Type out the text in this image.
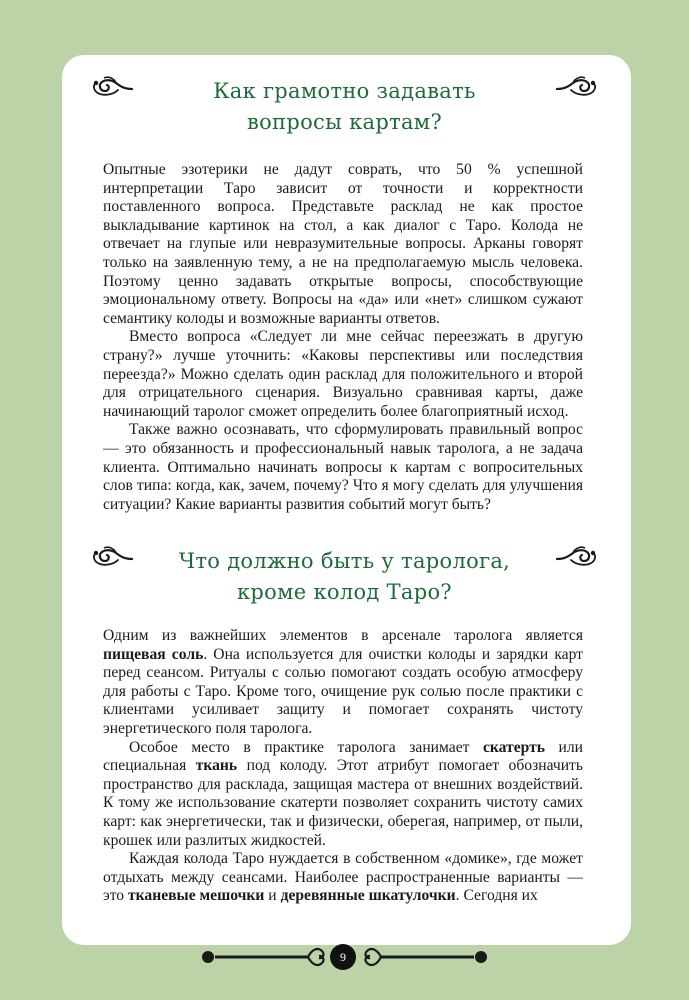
Как грамотно задавать
вопросы картам?

Опытные эзотерики не дадут соврать, что 50 % успешной интерпретации Таро зависит от точности и корректности поставленного вопроса. Представьте расклад не как простое выкладывание картинок на стол, а как диалог с Таро. Колода не отвечает на глупые или невразумительные вопросы. Арканы говорят только на заявленную тему, а не на предполагаемую мысль человека. Поэтому ценно задавать открытые вопросы, способствующие эмоциональному ответу. Вопросы на «да» или «нет» слишком сужают семантику колоды и возможные варианты ответов.

Вместо вопроса «Следует ли мне сейчас переезжать в другую страну?» лучше уточнить: «Каковы перспективы или последствия переезда?» Можно сделать один расклад для положительного и второй для отрицательного сценария. Визуально сравнивая карты, даже начинающий таролог сможет определить более благоприятный исход.

Также важно осознавать, что сформулировать правильный вопрос — это обязанность и профессиональный навык таролога, а не задача клиента. Оптимально начинать вопросы к картам с вопросительных слов типа: когда, как, зачем, почему? Что я могу сделать для улучшения ситуации? Какие варианты развития событий могут быть?

Что должно быть у таролога,
кроме колод Таро?

Одним из важнейших элементов в арсенале таролога является пищевая соль. Она используется для очистки колоды и зарядки карт перед сеансом. Ритуалы с солью помогают создать особую атмосферу для работы с Таро. Кроме того, очищение рук солью после практики с клиентами усиливает защиту и помогает сохранять чистоту энергетического поля таролога.

Особое место в практике таролога занимает скатерть или специальная ткань под колоду. Этот атрибут помогает обозначить пространство для расклада, защищая мастера от внешних воздействий. К тому же использование скатерти позволяет сохранить чистоту самих карт: как энергетически, так и физически, оберегая, например, от пыли, крошек или разлитых жидкостей.

Каждая колода Таро нуждается в собственном «домике», где может отдыхать между сеансами. Наиболее распространенные варианты — это тканевые мешочки и деревянные шкатулочки. Сегодня их

9
